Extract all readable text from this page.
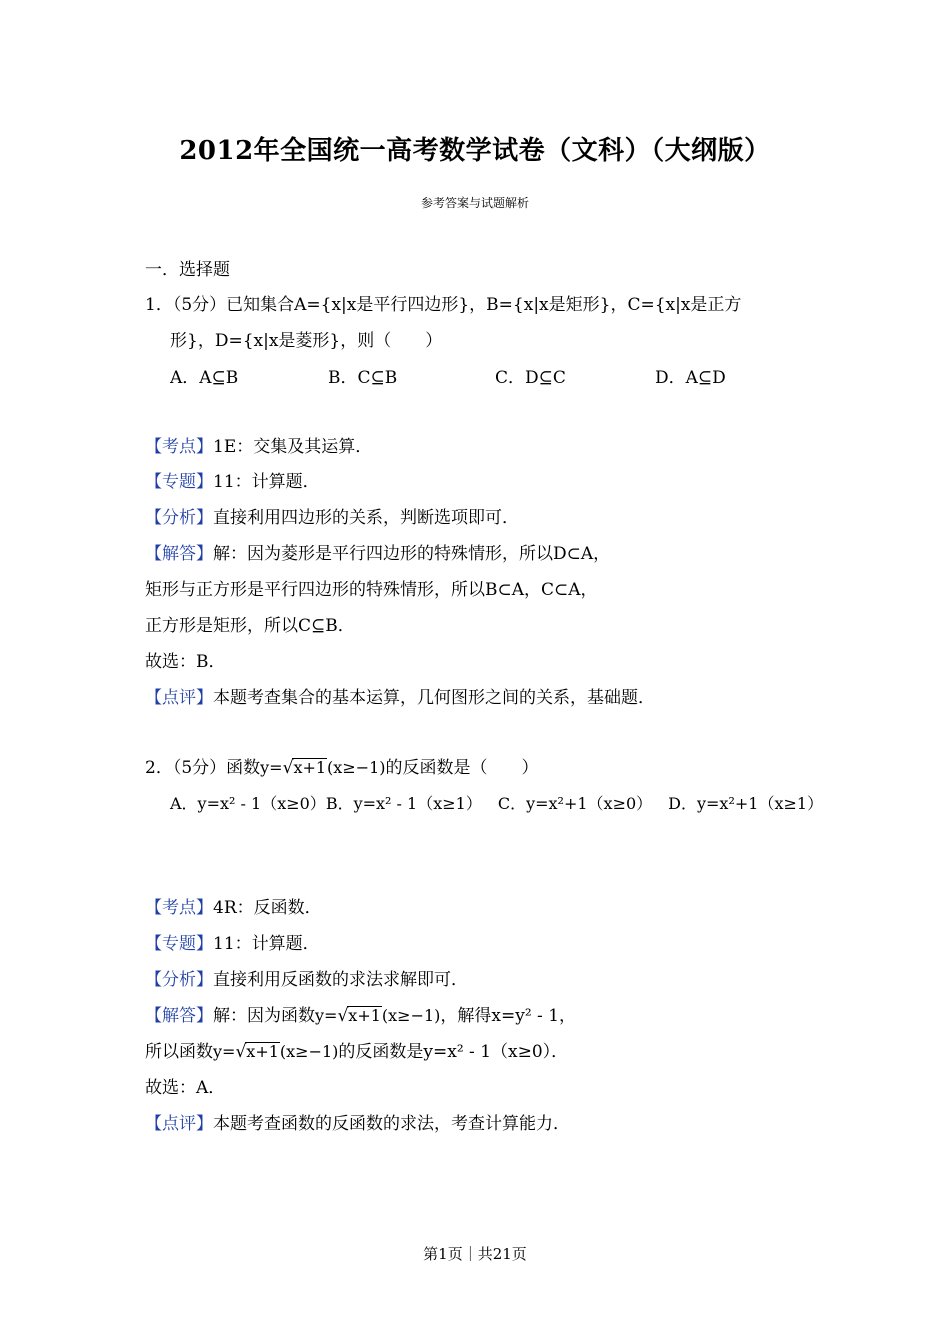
2012年全国统一高考数学试卷（文科）（大纲版）
参考答案与试题解析
一．选择题
1．（5分）已知集合A={x|x是平行四边形}，B={x|x是矩形}，C={x|x是正方
形}，D={x|x是菱形}，则（　　）
A．A⊆B	B．C⊆B	C．D⊆C	D．A⊆D
【考点】1E：交集及其运算．
【专题】11：计算题．
【分析】直接利用四边形的关系，判断选项即可．
【解答】解：因为菱形是平行四边形的特殊情形，所以D⊂A，
矩形与正方形是平行四边形的特殊情形，所以B⊂A，C⊂A，
正方形是矩形，所以C⊆B．
故选：B．
【点评】本题考查集合的基本运算，几何图形之间的关系，基础题．
2．（5分）函数y=√x+1(x≥−1)的反函数是（　　）
A．y=x² - 1（x≥0）B．y=x² - 1（x≥1） C．y=x²+1（x≥0） D．y=x²+1（x≥1）
【考点】4R：反函数．
【专题】11：计算题．
【分析】直接利用反函数的求法求解即可．
【解答】解：因为函数y=√x+1(x≥−1)，解得x=y² - 1，
所以函数y=√x+1(x≥−1)的反函数是y=x² - 1（x≥0）．
故选：A．
【点评】本题考查函数的反函数的求法，考查计算能力．
第1页｜共21页
